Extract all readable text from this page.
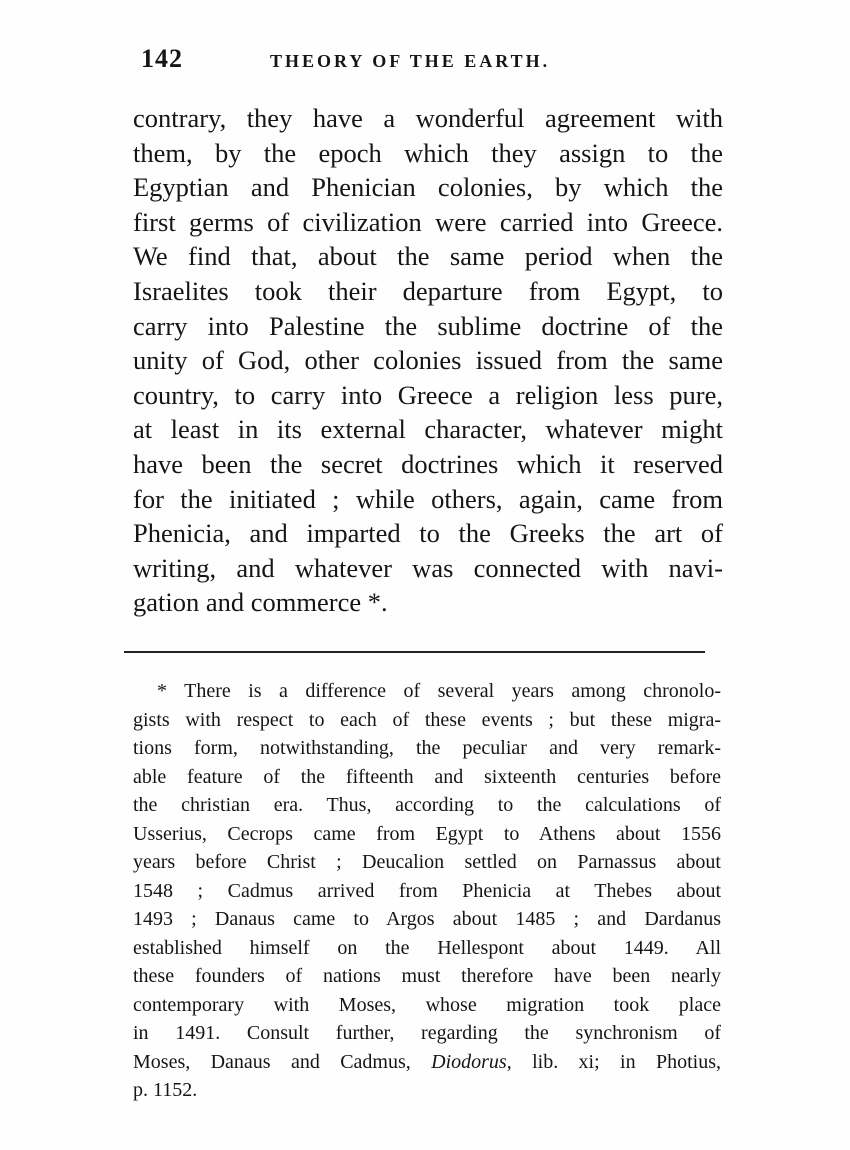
142	THEORY OF THE EARTH.
contrary, they have a wonderful agreement with
them, by the epoch which they assign to the
Egyptian and Phenician colonies, by which the
first germs of civilization were carried into Greece.
We find that, about the same period when the
Israelites took their departure from Egypt, to
carry into Palestine the sublime doctrine of the
unity of God, other colonies issued from the same
country, to carry into Greece a religion less pure,
at least in its external character, whatever might
have been the secret doctrines which it reserved
for the initiated ; while others, again, came from
Phenicia, and imparted to the Greeks the art of
writing, and whatever was connected with navi-
gation and commerce *.
* There is a difference of several years among chronolo-
gists with respect to each of these events ; but these migra-
tions form, notwithstanding, the peculiar and very remark-
able feature of the fifteenth and sixteenth centuries before
the christian era. Thus, according to the calculations of
Usserius, Cecrops came from Egypt to Athens about 1556
years before Christ ; Deucalion settled on Parnassus about
1548 ; Cadmus arrived from Phenicia at Thebes about
1493 ; Danaus came to Argos about 1485 ; and Dardanus
established himself on the Hellespont about 1449. All
these founders of nations must therefore have been nearly
contemporary with Moses, whose migration took place
in 1491. Consult further, regarding the synchronism of
Moses, Danaus and Cadmus, Diodorus, lib. xi; in Photius,
p. 1152.
